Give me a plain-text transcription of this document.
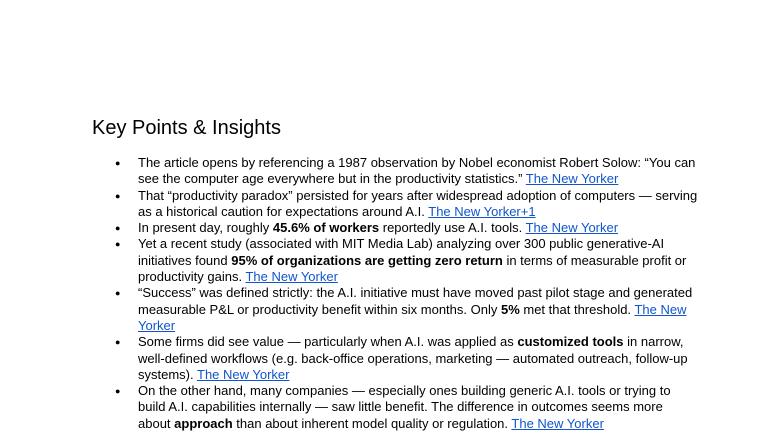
Key Points & Insights
● The article opens by referencing a 1987 observation by Nobel economist Robert Solow: “You can see the computer age everywhere but in the productivity statistics.” The New Yorker
● That “productivity paradox” persisted for years after widespread adoption of computers — serving as a historical caution for expectations around A.I. The New Yorker+1
● In present day, roughly 45.6% of workers reportedly use A.I. tools. The New Yorker
● Yet a recent study (associated with MIT Media Lab) analyzing over 300 public generative-AI initiatives found 95% of organizations are getting zero return in terms of measurable profit or productivity gains. The New Yorker
● “Success” was defined strictly: the A.I. initiative must have moved past pilot stage and generated measurable P&L or productivity benefit within six months. Only 5% met that threshold. The New Yorker
● Some firms did see value — particularly when A.I. was applied as customized tools in narrow, well-defined workflows (e.g. back-office operations, marketing — automated outreach, follow-up systems). The New Yorker
● On the other hand, many companies — especially ones building generic A.I. tools or trying to build A.I. capabilities internally — saw little benefit. The difference in outcomes seems more about approach than about inherent model quality or regulation. The New Yorker
